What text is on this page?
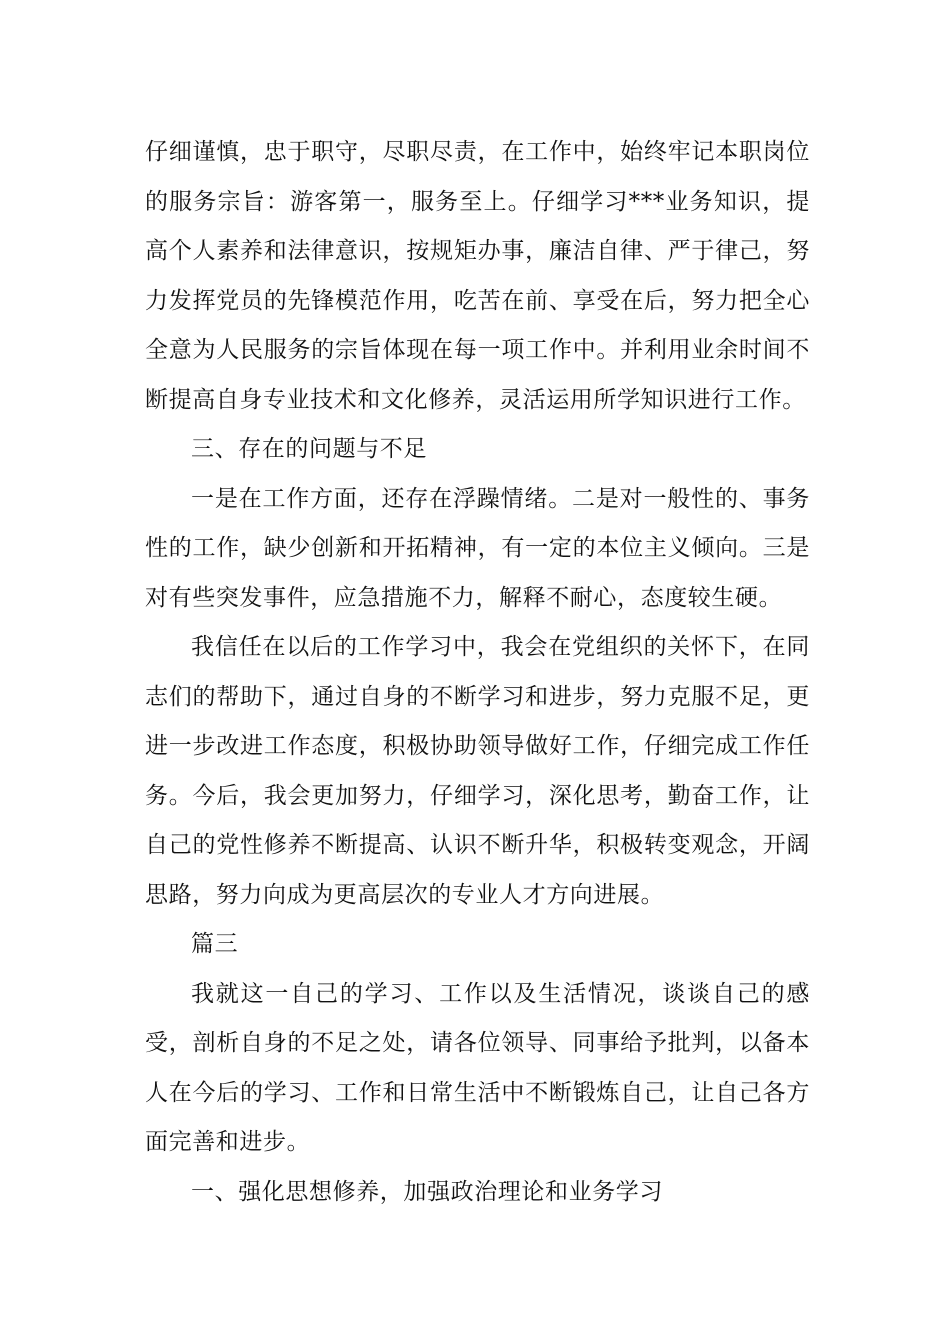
仔细谨慎，忠于职守，尽职尽责，在工作中，始终牢记本职岗位的服务宗旨：游客第一，服务至上。仔细学习***业务知识，提高个人素养和法律意识，按规矩办事，廉洁自律、严于律己，努力发挥党员的先锋模范作用，吃苦在前、享受在后，努力把全心全意为人民服务的宗旨体现在每一项工作中。并利用业余时间不断提高自身专业技术和文化修养，灵活运用所学知识进行工作。

三、存在的问题与不足

一是在工作方面，还存在浮躁情绪。二是对一般性的、事务性的工作，缺少创新和开拓精神，有一定的本位主义倾向。三是对有些突发事件，应急措施不力，解释不耐心，态度较生硬。

我信任在以后的工作学习中，我会在党组织的关怀下，在同志们的帮助下，通过自身的不断学习和进步，努力克服不足，更进一步改进工作态度，积极协助领导做好工作，仔细完成工作任务。今后，我会更加努力，仔细学习，深化思考，勤奋工作，让自己的党性修养不断提高、认识不断升华，积极转变观念，开阔思路，努力向成为更高层次的专业人才方向进展。

篇三

我就这一自己的学习、工作以及生活情况，谈谈自己的感受，剖析自身的不足之处，请各位领导、同事给予批判，以备本人在今后的学习、工作和日常生活中不断锻炼自己，让自己各方面完善和进步。

一、强化思想修养，加强政治理论和业务学习
